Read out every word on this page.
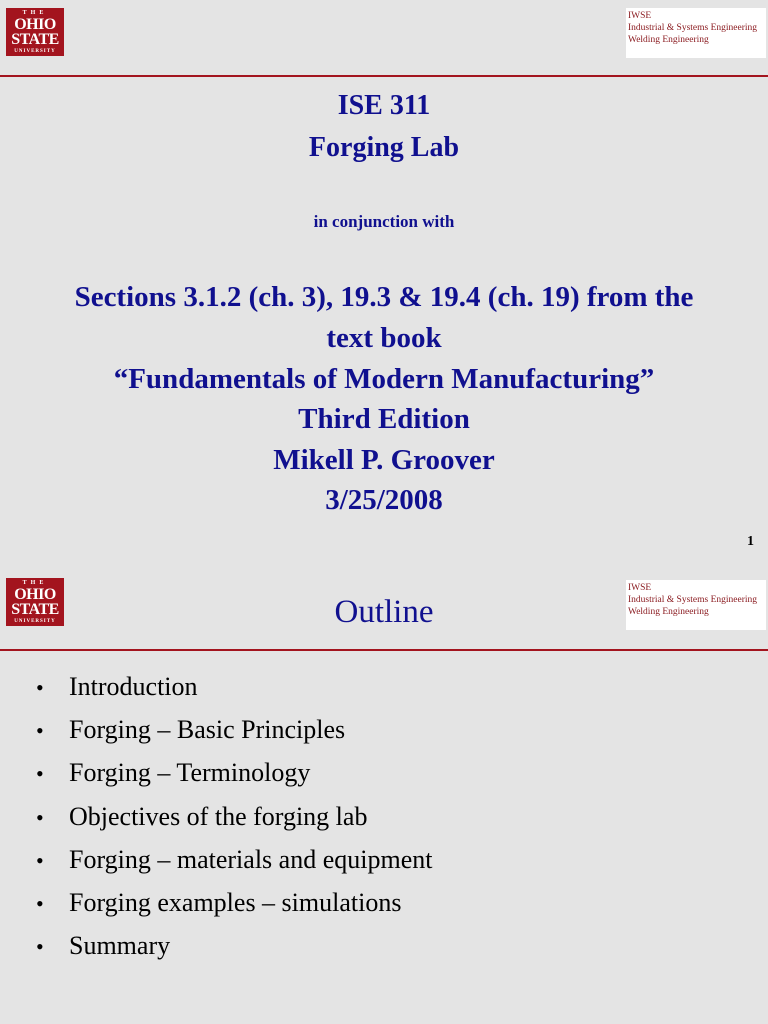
THE
OHIO
STATE
UNIVERSITY
IWSE
Industrial & Systems Engineering
Welding Engineering
ISE 311
Forging Lab
in conjunction with
Sections 3.1.2 (ch. 3), 19.3 & 19.4 (ch. 19) from the
text book
“Fundamentals of Modern Manufacturing”
Third Edition
Mikell P. Groover
3/25/2008
1
THE
OHIO
STATE
UNIVERSITY
IWSE
Industrial & Systems Engineering
Welding Engineering
Outline
• Introduction
• Forging – Basic Principles
• Forging – Terminology
• Objectives of the forging lab
• Forging – materials and equipment
• Forging examples – simulations
• Summary
